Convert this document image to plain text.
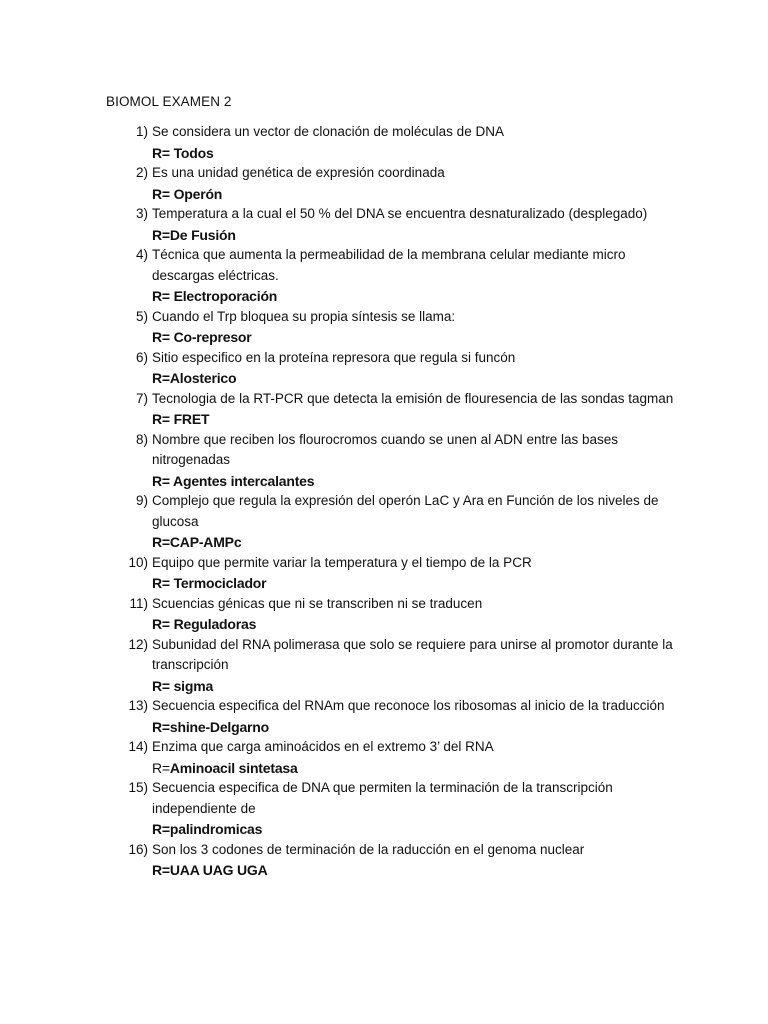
BIOMOL EXAMEN 2
1) Se considera un vector de clonación de moléculas de DNA
R= Todos
2) Es una unidad genética de expresión coordinada
R= Operón
3) Temperatura a la cual el 50 % del DNA se encuentra desnaturalizado (desplegado)
R=De Fusión
4) Técnica que aumenta la permeabilidad de la membrana celular mediante micro descargas eléctricas.
R= Electroporación
5) Cuando el Trp bloquea su propia síntesis se llama:
R= Co-represor
6) Sitio especifico en la proteína represora que regula si funcón
R=Alosterico
7) Tecnologia de la RT-PCR que detecta la emisión de flouresencia de las sondas tagman
R= FRET
8) Nombre que reciben los flourocromos cuando se unen al ADN entre las bases nitrogenadas
R= Agentes intercalantes
9) Complejo que regula la expresión del operón LaC y Ara en Función de los niveles de glucosa
R=CAP-AMPc
10) Equipo que permite variar la temperatura y el tiempo de la PCR
R= Termociclador
11) Scuencias génicas que ni se transcriben ni se traducen
R= Reguladoras
12) Subunidad del RNA polimerasa que solo se requiere para unirse al promotor durante la transcripción
R= sigma
13) Secuencia especifica del RNAm que reconoce los ribosomas al inicio de la traducción
R=shine-Delgarno
14) Enzima que carga aminoácidos en el extremo 3’ del RNA
R=Aminoacil sintetasa
15) Secuencia especifica de DNA que permiten la terminación de la transcripción independiente de
R=palindromicas
16) Son los 3 codones de terminación de la raducción en el genoma nuclear
R=UAA UAG UGA
